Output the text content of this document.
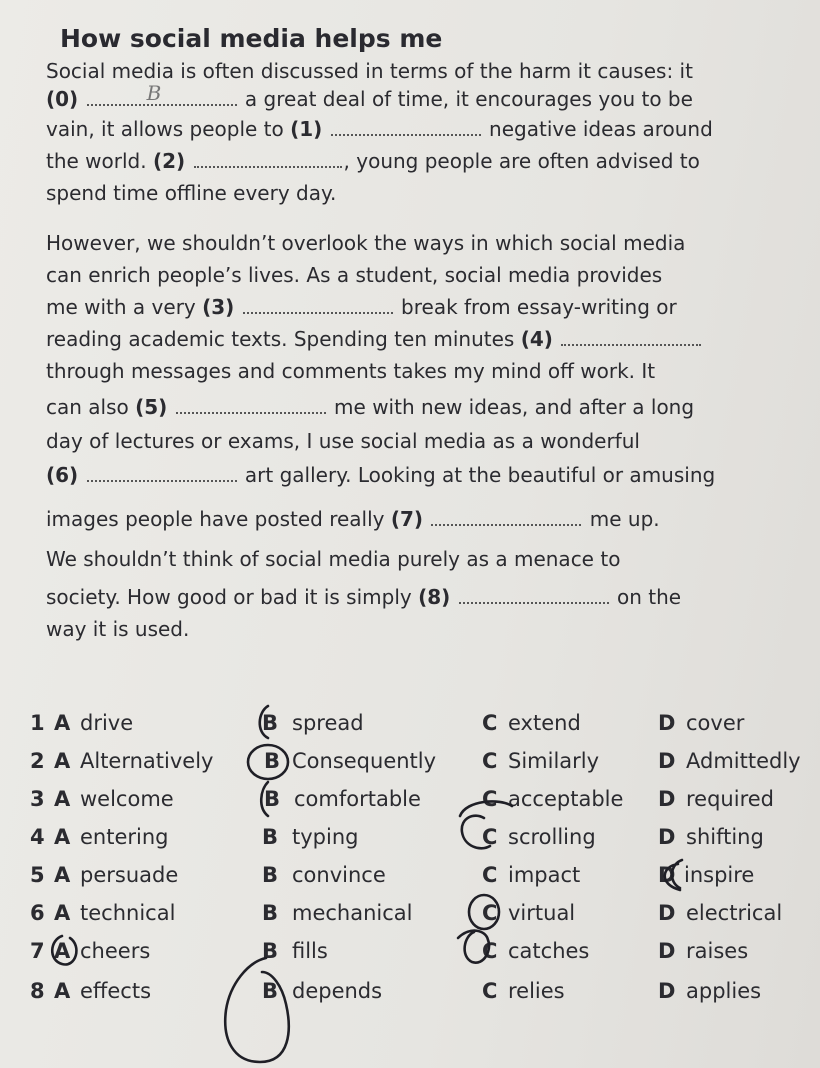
How social media helps me
Social media is often discussed in terms of the harm it causes: it
(0)	B	a great deal of time, it encourages you to be
vain, it allows people to (1)	negative ideas around
the world. (2)	, young people are often advised to
spend time offline every day.
However, we shouldn’t overlook the ways in which social media
can enrich people’s lives. As a student, social media provides
me with a very (3)	break from essay-writing or
reading academic texts. Spending ten minutes (4)
through messages and comments takes my mind off work. It
can also (5)	me with new ideas, and after a long
day of lectures or exams, I use social media as a wonderful
(6)	art gallery. Looking at the beautiful or amusing
images people have posted really (7)	me up.
We shouldn’t think of social media purely as a menace to
society. How good or bad it is simply (8)	on the
way it is used.
1 A drive	B spread	C extend	D cover
2 A Alternatively B Consequently C Similarly	D Admittedly
3 A welcome	B comfortable	C acceptable D required
4 A entering	B typing	C scrolling	D shifting
5 A persuade	B convince	C impact	D inspire
6 A technical	B mechanical	C virtual	D electrical
7 A cheers	B fills	C catches	D raises
8 A effects	B depends	C relies	D applies
